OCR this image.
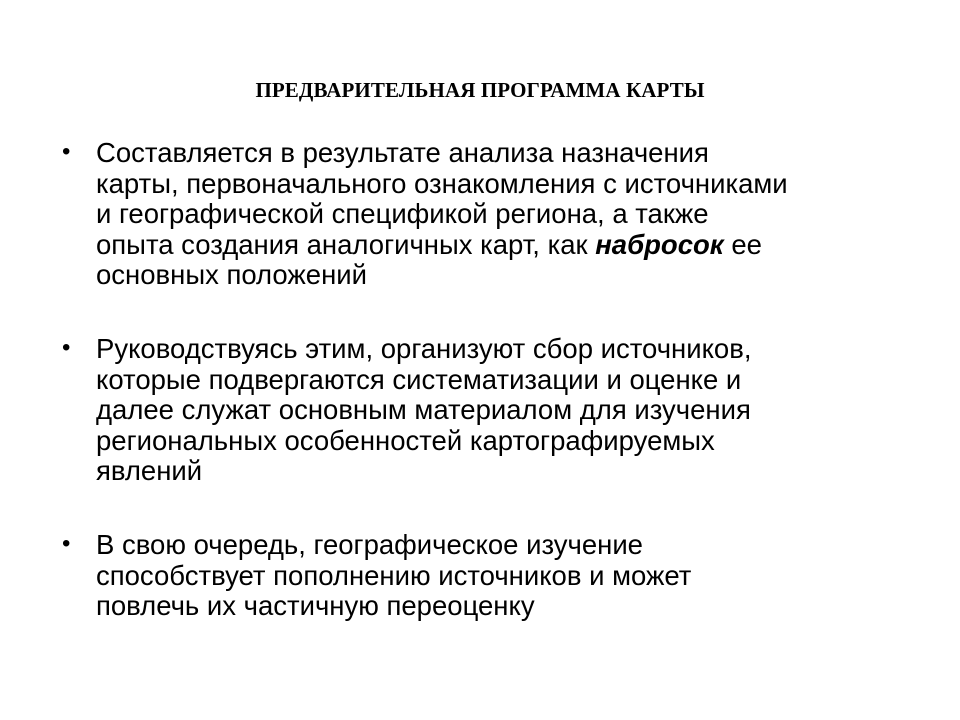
ПРЕДВАРИТЕЛЬНАЯ ПРОГРАММА КАРТЫ
• Составляется в результате анализа назначения
карты, первоначального ознакомления с источниками
и географической спецификой региона, а также
опыта создания аналогичных карт, как набросок ее
основных положений

• Руководствуясь этим, организуют сбор источников,
которые подвергаются систематизации и оценке и
далее служат основным материалом для изучения
региональных особенностей картографируемых
явлений

• В свою очередь, географическое изучение
способствует пополнению источников и может
повлечь их частичную переоценку
